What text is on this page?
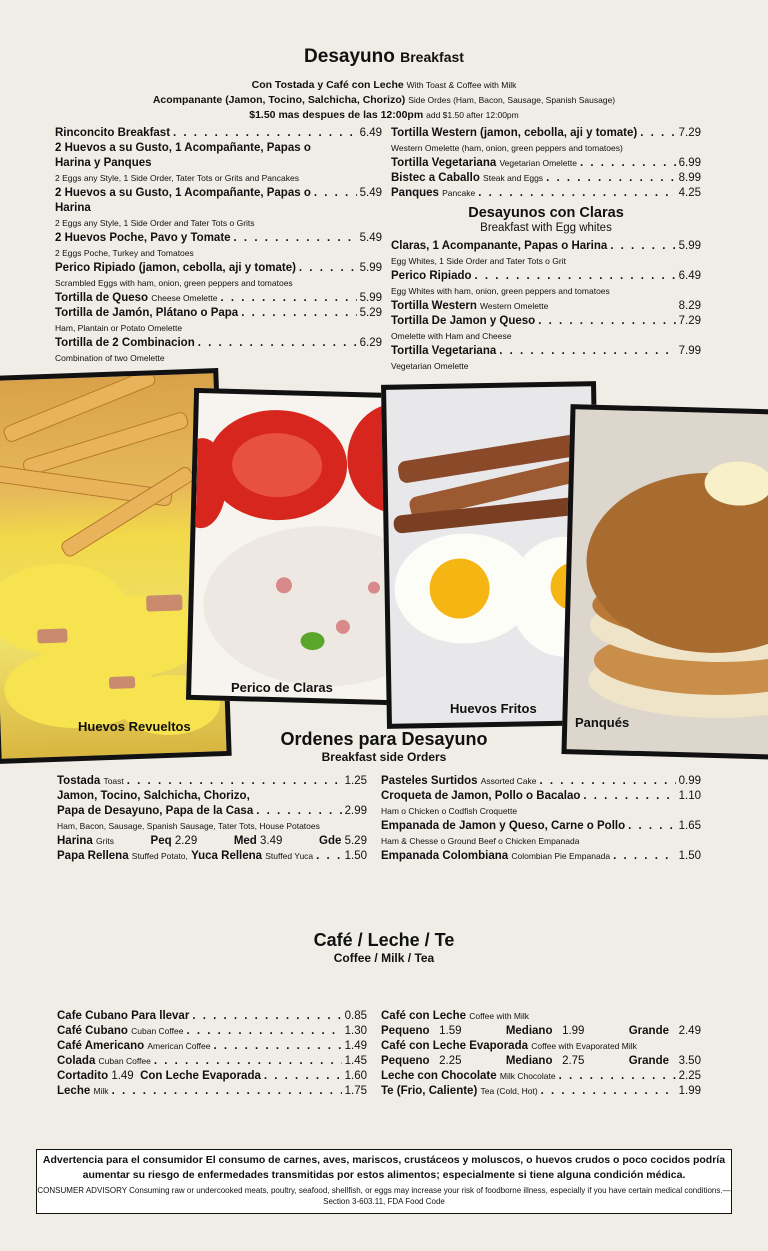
Desayuno Breakfast
Con Tostada y Café con Leche With Toast & Coffee with Milk
Acompanante (Jamon, Tocino, Salchicha, Chorizo) Side Ordes (Ham, Bacon, Sausage, Spanish Sausage)
$1.50 mas despues de las 12:00pm add $1.50 after 12:00pm
Rinconcito Breakfast . . .	6.49
2 Huevos a su Gusto, 1 Acompañante, Papas o
Harina y Panques
2 Eggs any Style, 1 Side Order, Tater Tots or Grits and Pancakes
2 Huevos a su Gusto, 1 Acompañante, Papas o . . .	5.49
Harina
2 Eggs any Style, 1 Side Order and Tater Tots o Grits
2 Huevos Poche, Pavo y Tomate . . .	5.49
2 Eggs Poche, Turkey and Tomatoes
Perico Ripiado (jamon, cebolla, aji y tomate) . . .	5.99
Scrambled Eggs with ham, onion, green peppers and tomatoes
Tortilla de Queso
Cheese Omelette . . .	5.99
Tortilla de Jamón, Plátano o Papa . . .	5.29
Ham, Plantain or Potato Omelette
Tortilla de 2 Combinacion . . .	6.29
Combination of two Omelette
Tortilla Western (jamon, cebolla, aji y tomate) . . .	7.29
Western Omelette (ham, onion, green peppers and tomatoes)
Tortilla Vegetariana
Vegetarian Omelette . . .	6.99
Bistec a Caballo
Steak and Eggs . . .	8.99
Panques
Pancake . . .	4.25
Desayunos con Claras
Breakfast with Egg whites
Claras, 1 Acompanante, Papas o Harina . . .	5.99
Egg Whites, 1 Side Order and Tater Tots o Grit
Perico Ripiado . . .	6.49
Egg Whites with ham, onion, green peppers and tomatoes
Tortilla Western
Western Omelette	8.29
Tortilla De Jamon y Queso . . .	7.29
Omelette with Ham and Cheese
Tortilla Vegetariana . . .	7.99
Vegetarian Omelette
Huevos Revueltos
Perico de Claras
Huevos Fritos
Panqués
Ordenes para Desayuno
Breakfast side Orders
Tostada
Toast . . .	1.25
Jamon, Tocino, Salchicha, Chorizo,
Papa de Desayuno, Papa de la Casa . . .	2.99
Ham, Bacon, Sausage, Spanish Sausage, Tater Tots, House Potatoes
Harina Grits	Peq 2.29	Med 3.49	Gde 5.29
Papa Rellena
Stuffed Potato,
Yuca Rellena
Stuffed Yuca . . .	1.50
Pasteles Surtidos
Assorted Cake . . .	0.99
Croqueta de Jamon, Pollo o Bacalao . . .	1.10
Ham o Chicken o Codfish Croquette
Empanada de Jamon y Queso, Carne o Pollo . . .	1.65
Ham & Chesse o Ground Beef o Chicken Empanada
Empanada Colombiana
Colombian Pie Empanada . . .	1.50
Café / Leche / Te
Coffee / Milk / Tea
Cafe Cubano Para llevar . . .	0.85
Café Cubano
Cuban Coffee . . .	1.30
Café Americano
American Coffee . . .	1.49
Colada
Cuban Coffee . . .	1.45
Cortadito
1.49
Con Leche Evaporada . . .	1.60
Leche
Milk . . .	1.75
Café con Leche Coffee with Milk
Pequeno 1.59	Mediano 1.99	Grande 2.49
Café con Leche Evaporada Coffee with Evaporated Milk
Pequeno 2.25	Mediano 2.75	Grande 3.50
Leche con Chocolate
Milk Chocolate . . .	2.25
Te (Frio, Caliente)
Tea (Cold, Hot) . . .	1.99
Advertencia para el consumidor El consumo de carnes, aves, mariscos, crustáceos y moluscos, o huevos crudos o poco cocidos podría aumentar su riesgo de enfermedades transmitidas por estos alimentos; especialmente si tiene alguna condición médica.
CONSUMER ADVISORY Consuming raw or undercooked meats, poultry, seafood, shellfish, or eggs may increase your risk of foodborne illness, especially if you have certain medical conditions.—Section 3-603.11, FDA Food Code
